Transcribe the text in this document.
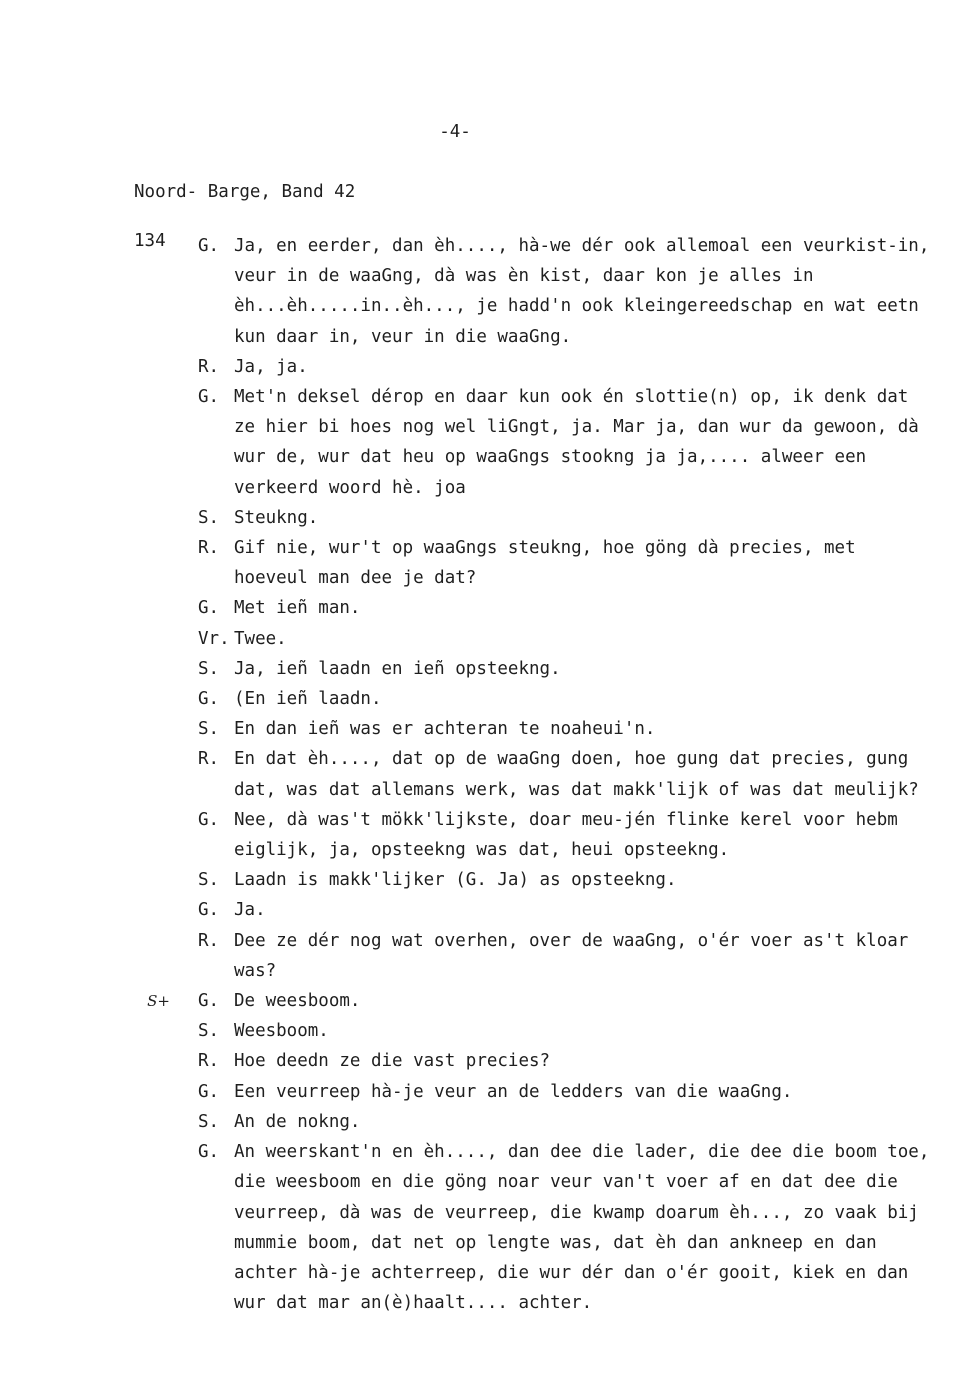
-4-
Noord- Barge, Band 42
134	G. Ja, en eerder, dan èh...., hà-we dér ook allemoal een veurkist-in, veur in de waaGng, dà was èn kist, daar kon je alles in èh...èh.....in..èh..., je hadd'n ook kleingereedschap en wat eetn kun daar in, veur in die waaGng.
R. Ja, ja.
G. Met'n deksel dérop en daar kun ook én slottie(n) op, ik denk dat ze hier bi hoes nog wel liGngt, ja. Mar ja, dan wur da gewoon, dà wur de, wur dat heu op waaGngs stookng ja ja,.... alweer een verkeerd woord hè. joa
S. Steukng.
R. Gif nie, wur't op waaGngs steukng, hoe göng dà precies, met hoeveul man dee je dat?
G. Met ieñ man.
Vr. Twee.
S. Ja, ieñ laadn en ieñ opsteekng.
G. (En ieñ laadn.
S. En dan ieñ was er achteran te noaheui'n.
R. En dat èh...., dat op de waaGng doen, hoe gung dat precies, gung dat, was dat allemans werk, was dat makk'lijk of was dat meulijk?
G. Nee, dà was't mökk'lijkste, doar meu-jén flinke kerel voor hebm eiglijk, ja, opsteekng was dat, heui opsteekng.
S. Laadn is makk'lijker (G. Ja) as opsteekng.
G. Ja.
R. Dee ze dér nog wat overhen, over de waaGng, o'ér voer as't kloar was?
S+	G. De weesboom.
S. Weesboom.
R. Hoe deedn ze die vast precies?
G. Een veurreep hà-je veur an de ledders van die waaGng.
S. An de nokng.
G. An weerskant'n en èh...., dan dee die lader, die dee die boom toe, die weesboom en die göng noar veur van't voer af en dat dee die veurreep, dà was de veurreep, die kwamp doarum èh..., zo vaak bij mummie boom, dat net op lengte was, dat èh dan ankneep en dan achter hà-je achterreep, die wur dér dan o'ér gooit, kiek en dan wur dat mar an(è)haalt.... achter.
